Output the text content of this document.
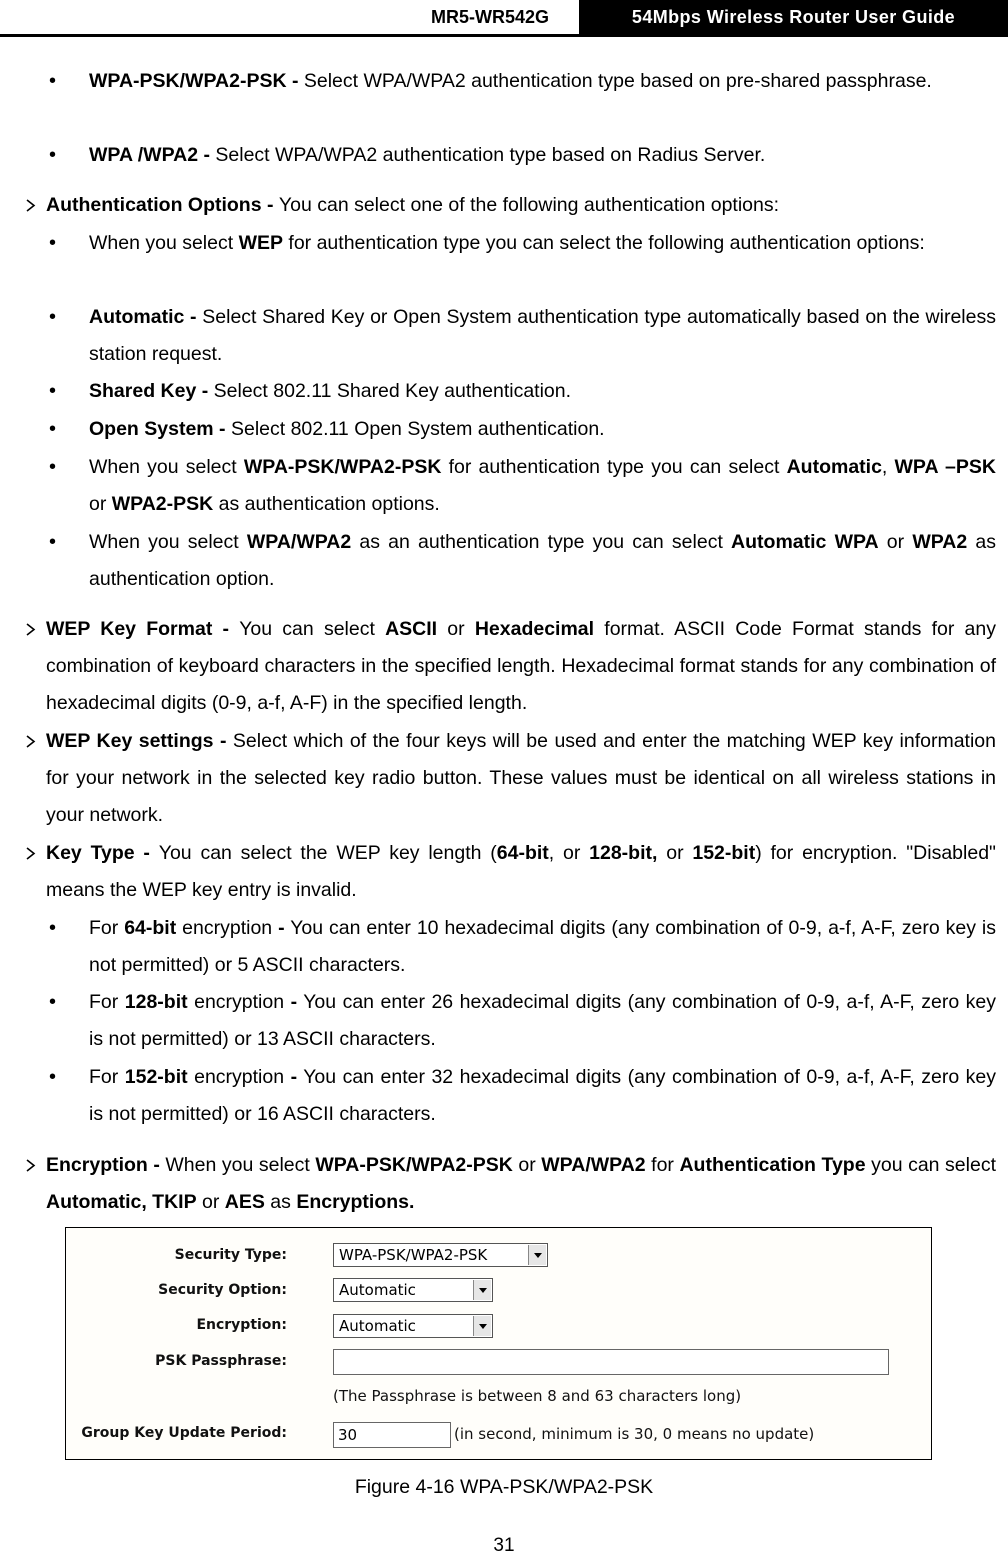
MR5-WR542G	54Mbps Wireless Router User Guide
•	WPA-PSK/WPA2-PSK - Select WPA/WPA2 authentication type based on pre-shared passphrase.
•	WPA /WPA2 - Select WPA/WPA2 authentication type based on Radius Server.
Authentication Options - You can select one of the following authentication options:
•	When you select WEP for authentication type you can select the following authentication options:
•	Automatic - Select Shared Key or Open System authentication type automatically based on the wireless station request.
•	Shared Key - Select 802.11 Shared Key authentication.
•	Open System - Select 802.11 Open System authentication.
•	When you select WPA-PSK/WPA2-PSK for authentication type you can select Automatic, WPA –PSK or WPA2-PSK as authentication options.
•	When you select WPA/WPA2 as an authentication type you can select Automatic WPA or WPA2 as authentication option.
WEP Key Format - You can select ASCII or Hexadecimal format. ASCII Code Format stands for any combination of keyboard characters in the specified length. Hexadecimal format stands for any combination of hexadecimal digits (0-9, a-f, A-F) in the specified length.
WEP Key settings - Select which of the four keys will be used and enter the matching WEP key information for your network in the selected key radio button. These values must be identical on all wireless stations in your network.
Key Type - You can select the WEP key length (64-bit, or 128-bit, or 152-bit) for encryption. "Disabled" means the WEP key entry is invalid.
•	For 64-bit encryption - You can enter 10 hexadecimal digits (any combination of 0-9, a-f, A-F, zero key is not permitted) or 5 ASCII characters.
•	For 128-bit encryption - You can enter 26 hexadecimal digits (any combination of 0-9, a-f, A-F, zero key is not permitted) or 13 ASCII characters.
•	For 152-bit encryption - You can enter 32 hexadecimal digits (any combination of 0-9, a-f, A-F, zero key is not permitted) or 16 ASCII characters.
Encryption - When you select WPA-PSK/WPA2-PSK or WPA/WPA2 for Authentication Type you can select Automatic, TKIP or AES as Encryptions.
Security Type:	WPA-PSK/WPA2-PSK
Security Option:	Automatic
Encryption:	Automatic
PSK Passphrase:
(The Passphrase is between 8 and 63 characters long)
Group Key Update Period:	30	(in second, minimum is 30, 0 means no update)
Figure 4-16 WPA-PSK/WPA2-PSK
31
